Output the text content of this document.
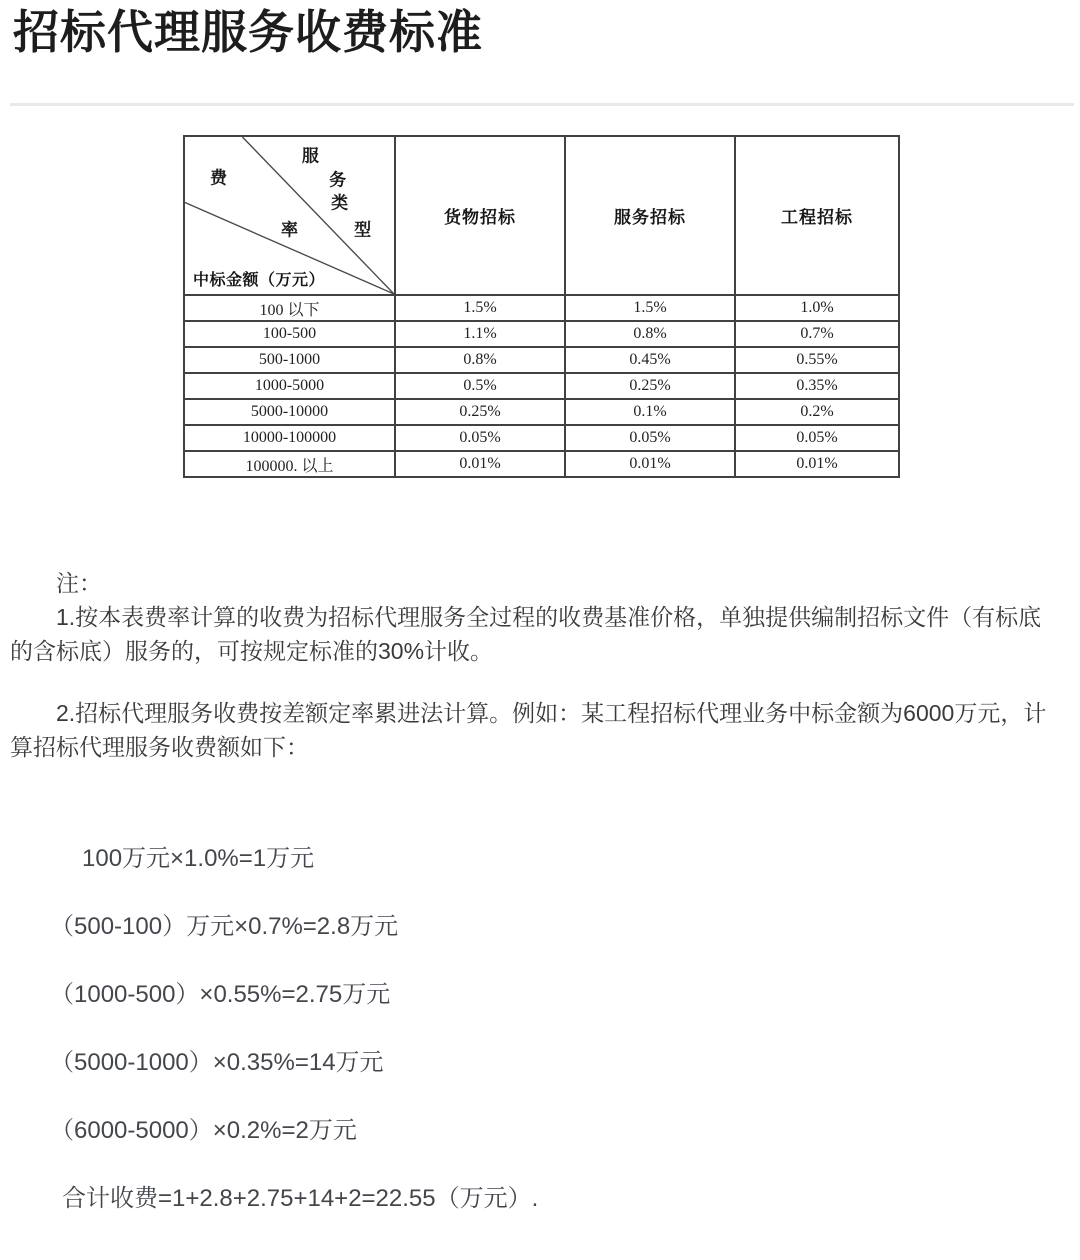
招标代理服务收费标准
服
务
类
型
费
率
中标金额（万元）
	货物招标	服务招标	工程招标
100 以下	1.5%	1.5%	1.0%
100-500	1.1%	0.8%	0.7%
500-1000	0.8%	0.45%	0.55%
1000-5000	0.5%	0.25%	0.35%
5000-10000	0.25%	0.1%	0.2%
10000-100000	0.05%	0.05%	0.05%
100000. 以上	0.01%	0.01%	0.01%

注：

1.按本表费率计算的收费为招标代理服务全过程的收费基准价格，单独提供编制招标文件（有标底的含标底）服务的，可按规定标准的30%计收。

2.招标代理服务收费按差额定率累进法计算。例如：某工程招标代理业务中标金额为6000万元，计算招标代理服务收费额如下：

100万元×1.0%=1万元

（500-100）万元×0.7%=2.8万元

（1000-500）×0.55%=2.75万元

（5000-1000）×0.35%=14万元

（6000-5000）×0.2%=2万元

合计收费=1+2.8+2.75+14+2=22.55（万元）.
